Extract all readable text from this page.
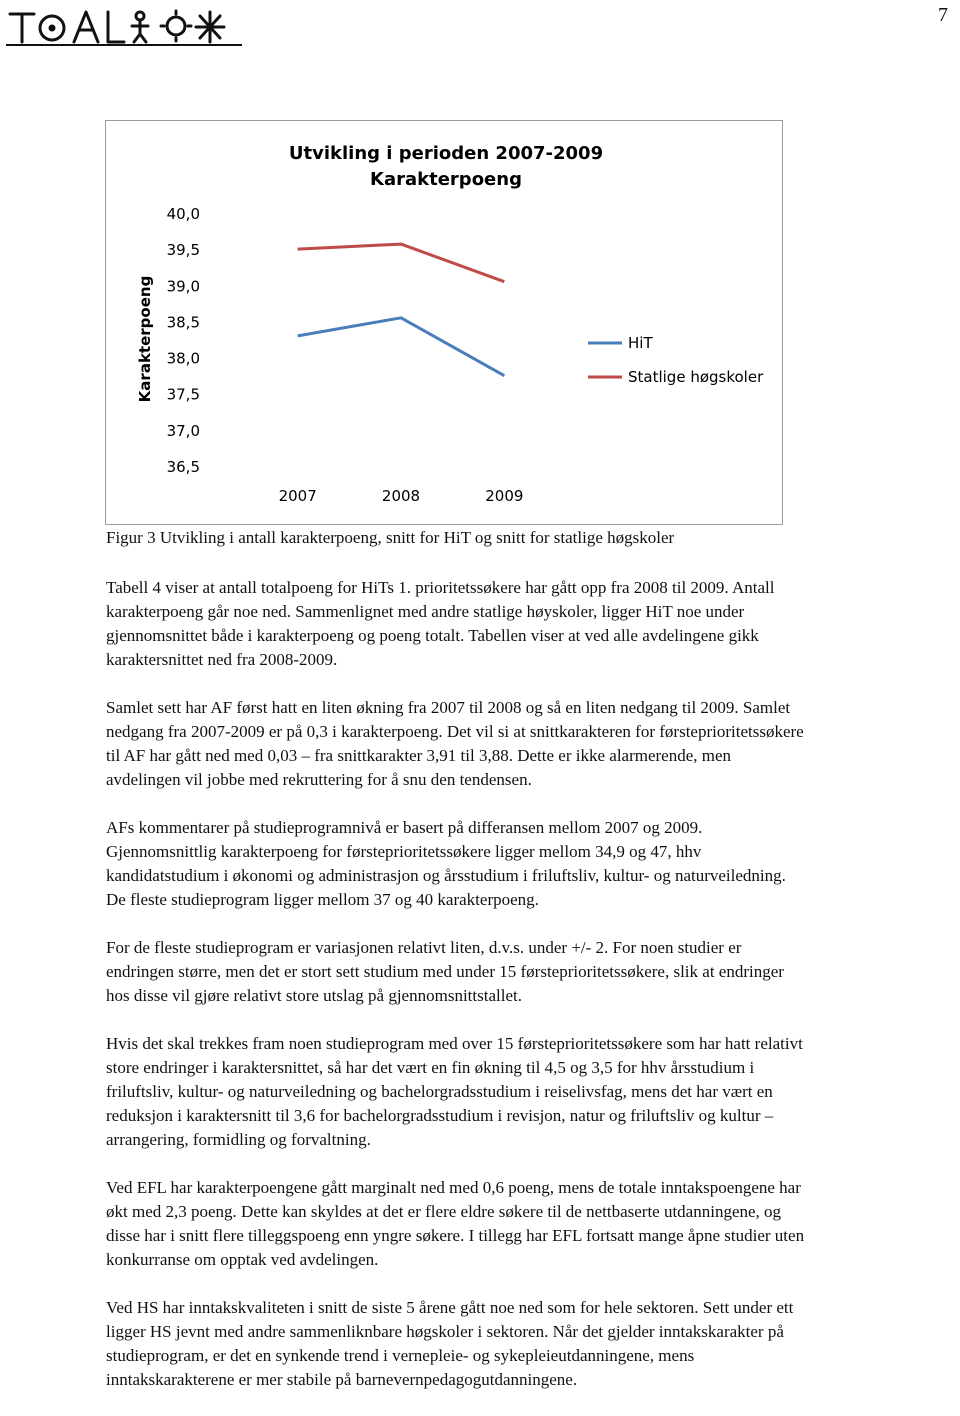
7
Utvikling i perioden 2007-2009
Karakterpoeng
Karakterpoeng
40,0
39,5
39,0
38,5
38,0
37,5
37,0
36,5
2007	2008	2009
HiT
Statlige høgskoler
Figur 3 Utvikling i antall karakterpoeng, snitt for HiT og snitt for statlige høgskoler

Tabell 4 viser at antall totalpoeng for HiTs 1. prioritetssøkere har gått opp fra 2008 til 2009. Antall
karakterpoeng går noe ned. Sammenlignet med andre statlige høyskoler, ligger HiT noe under
gjennomsnittet både i karakterpoeng og poeng totalt. Tabellen viser at ved alle avdelingene gikk
karaktersnittet ned fra 2008-2009.

Samlet sett har AF først hatt en liten økning fra 2007 til 2008 og så en liten nedgang til 2009. Samlet
nedgang fra 2007-2009 er på 0,3 i karakterpoeng. Det vil si at snittkarakteren for førsteprioritetssøkere
til AF har gått ned med 0,03 – fra snittkarakter 3,91 til 3,88. Dette er ikke alarmerende, men
avdelingen vil jobbe med rekruttering for å snu den tendensen.

AFs kommentarer på studieprogramnivå er basert på differansen mellom 2007 og 2009.
Gjennomsnittlig karakterpoeng for førsteprioritetssøkere ligger mellom 34,9 og 47, hhv
kandidatstudium i økonomi og administrasjon og årsstudium i friluftsliv, kultur- og naturveiledning.
De fleste studieprogram ligger mellom 37 og 40 karakterpoeng.

For de fleste studieprogram er variasjonen relativt liten, d.v.s. under +/- 2. For noen studier er
endringen større, men det er stort sett studium med under 15 førsteprioritetssøkere, slik at endringer
hos disse vil gjøre relativt store utslag på gjennomsnittstallet.

Hvis det skal trekkes fram noen studieprogram med over 15 førsteprioritetssøkere som har hatt relativt
store endringer i karaktersnittet, så har det vært en fin økning til 4,5 og 3,5 for hhv årsstudium i
friluftsliv, kultur- og naturveiledning og bachelorgradsstudium i reiselivsfag, mens det har vært en
reduksjon i karaktersnitt til 3,6 for bachelorgradsstudium i revisjon, natur og friluftsliv og kultur –
arrangering, formidling og forvaltning.

Ved EFL har karakterpoengene gått marginalt ned med 0,6 poeng, mens de totale inntakspoengene har
økt med 2,3 poeng. Dette kan skyldes at det er flere eldre søkere til de nettbaserte utdanningene, og
disse har i snitt flere tilleggspoeng enn yngre søkere. I tillegg har EFL fortsatt mange åpne studier uten
konkurranse om opptak ved avdelingen.

Ved HS har inntakskvaliteten i snitt de siste 5 årene gått noe ned som for hele sektoren. Sett under ett
ligger HS jevnt med andre sammenliknbare høgskoler i sektoren. Når det gjelder inntakskarakter på
studieprogram, er det en synkende trend i vernepleie- og sykepleieutdanningene, mens
inntakskarakterene er mer stabile på barnevernpedagogutdanningene.
